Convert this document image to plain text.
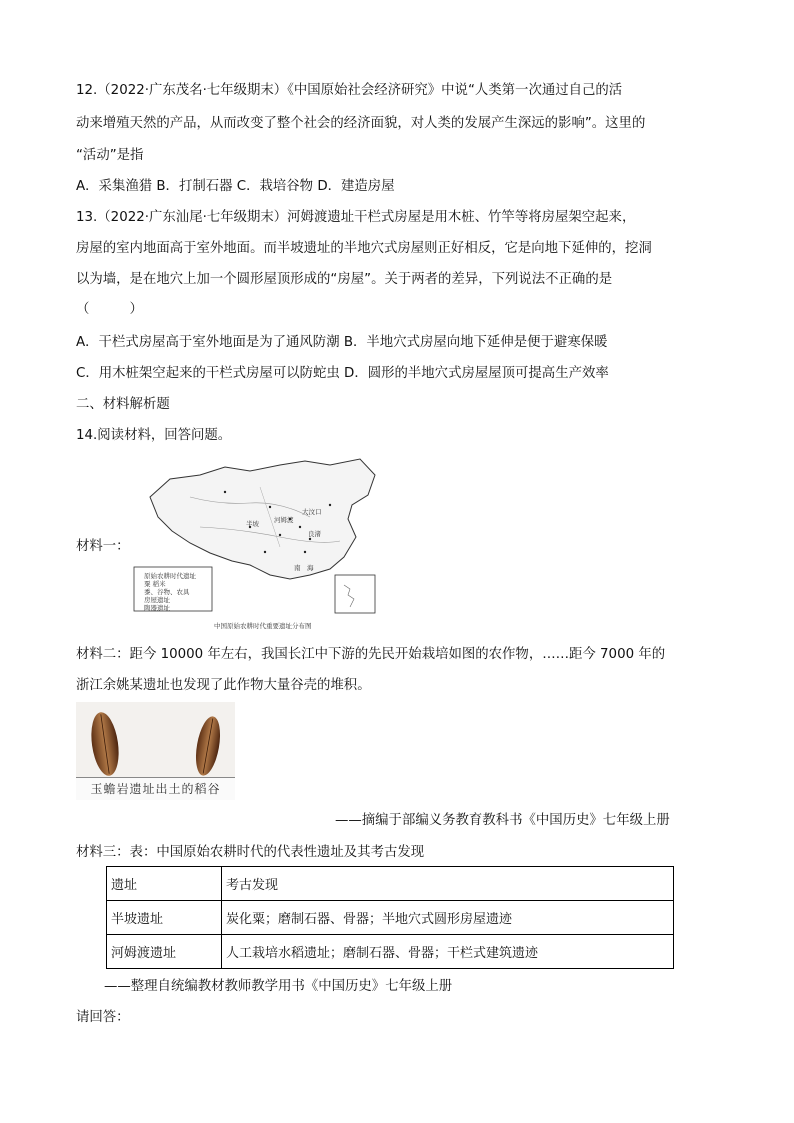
12.（2022·广东茂名·七年级期末）《中国原始社会经济研究》中说“人类第一次通过自己的活
动来增殖天然的产品，从而改变了整个社会的经济面貌，对人类的发展产生深远的影响”。这里的
“活动”是指
A．采集渔猎 B．打制石器 C．栽培谷物 D．建造房屋
13.（2022·广东汕尾·七年级期末）河姆渡遗址干栏式房屋是用木桩、竹竿等将房屋架空起来，
房屋的室内地面高于室外地面。而半坡遗址的半地穴式房屋则正好相反，它是向地下延伸的，挖洞
以为墙，是在地穴上加一个圆形屋顶形成的“房屋”。关于两者的差异，下列说法不正确的是
（　　　）
A．干栏式房屋高于室外地面是为了通风防潮 B．半地穴式房屋向地下延伸是便于避寒保暖
C．用木桩架空起来的干栏式房屋可以防蛇虫 D．圆形的半地穴式房屋屋顶可提高生产效率
二、材料解析题
14.阅读材料，回答问题。
材料一：
南　海
河姆渡
半坡
大汶口
良渚
原始农耕时代遗址
粟 稻米
黍、谷物、农具
房屋遗址
陶器遗址
中国原始农耕时代重要遗址分布图
材料二：距今 10000 年左右，我国长江中下游的先民开始栽培如图的农作物，……距今 7000 年的
浙江余姚某遗址也发现了此作物大量谷壳的堆积。
玉蟾岩遗址出土的稻谷
——摘编于部编义务教育教科书《中国历史》七年级上册
材料三：表：中国原始农耕时代的代表性遗址及其考古发现
遗址	考古发现
半坡遗址	炭化粟；磨制石器、骨器；半地穴式圆形房屋遗迹
河姆渡遗址	人工栽培水稻遗址；磨制石器、骨器；干栏式建筑遗迹
——整理自统编教材教师教学用书《中国历史》七年级上册
请回答：
